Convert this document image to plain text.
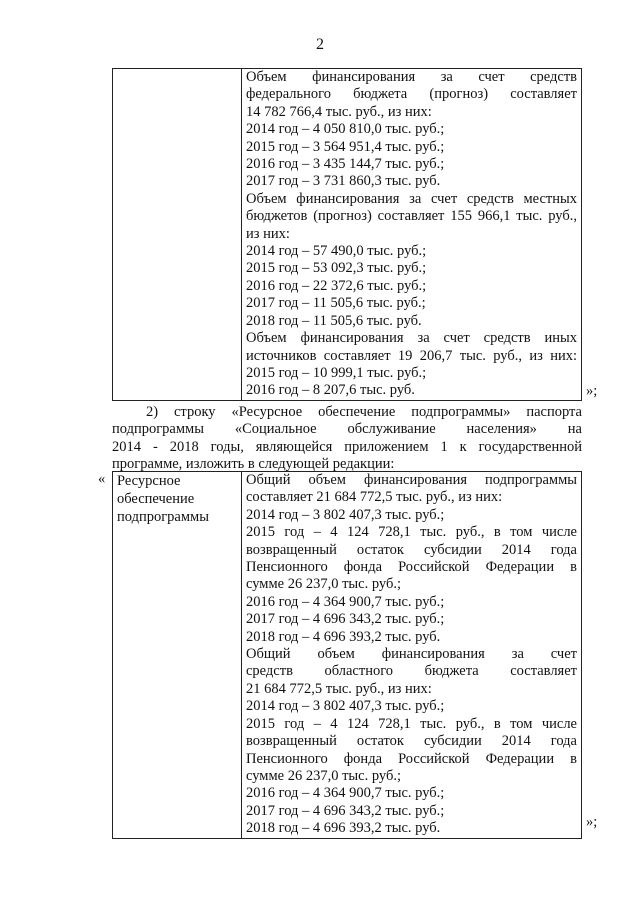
2

Объем финансирования за счет средств
федерального бюджета (прогноз) составляет
14 782 766,4 тыс. руб., из них:
2014 год – 4 050 810,0 тыс. руб.;
2015 год – 3 564 951,4 тыс. руб.;
2016 год – 3 435 144,7 тыс. руб.;
2017 год – 3 731 860,3 тыс. руб.
Объем финансирования за счет средств местных
бюджетов (прогноз) составляет 155 966,1 тыс. руб.,
из них:
2014 год – 57 490,0 тыс. руб.;
2015 год – 53 092,3 тыс. руб.;
2016 год – 22 372,6 тыс. руб.;
2017 год – 11 505,6 тыс. руб.;
2018 год – 11 505,6 тыс. руб.
Объем финансирования за счет средств иных
источников составляет 19 206,7 тыс. руб., из них:
2015 год – 10 999,1 тыс. руб.;
2016 год – 8 207,6 тыс. руб.	»;
2) строку «Ресурсное обеспечение подпрограммы» паспорта
подпрограммы «Социальное обслуживание населения» на
2014 - 2018 годы, являющейся приложением 1 к государственной
программе, изложить в следующей редакции:
« Ресурсное
обеспечение
подпрограммы

Общий объем финансирования подпрограммы
составляет 21 684 772,5 тыс. руб., из них:
2014 год – 3 802 407,3 тыс. руб.;
2015 год – 4 124 728,1 тыс. руб., в том числе
возвращенный остаток субсидии 2014 года
Пенсионного фонда Российской Федерации в
сумме 26 237,0 тыс. руб.;
2016 год – 4 364 900,7 тыс. руб.;
2017 год – 4 696 343,2 тыс. руб.;
2018 год – 4 696 393,2 тыс. руб.
Общий объем финансирования за счет
средств областного бюджета составляет
21 684 772,5 тыс. руб., из них:
2014 год – 3 802 407,3 тыс. руб.;
2015 год – 4 124 728,1 тыс. руб., в том числе
возвращенный остаток субсидии 2014 года
Пенсионного фонда Российской Федерации в
сумме 26 237,0 тыс. руб.;
2016 год – 4 364 900,7 тыс. руб.;
2017 год – 4 696 343,2 тыс. руб.;
2018 год – 4 696 393,2 тыс. руб.	»;
